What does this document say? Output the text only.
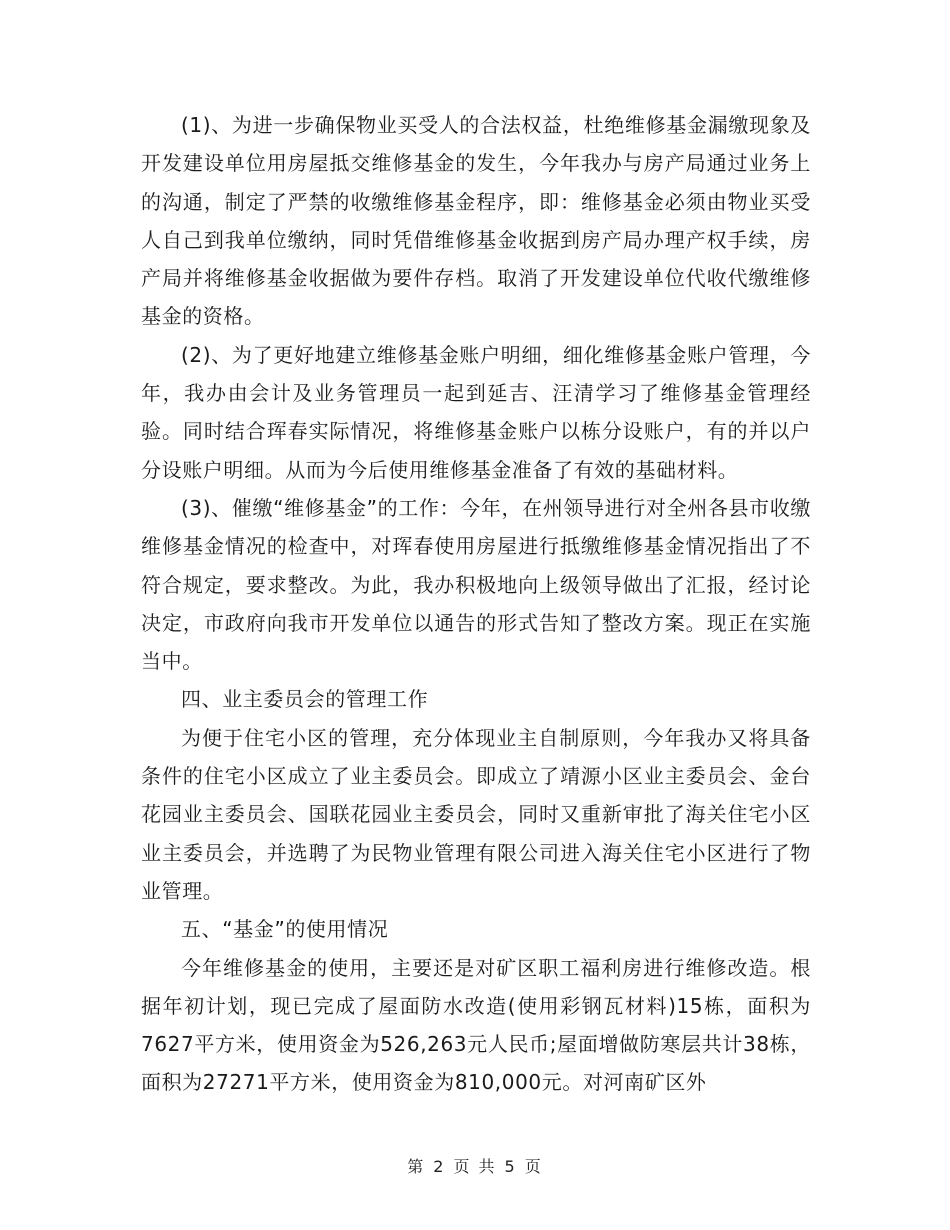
(1)、为进一步确保物业买受人的合法权益，杜绝维修基金漏缴现象及开发建设单位用房屋抵交维修基金的发生，今年我办与房产局通过业务上的沟通，制定了严禁的收缴维修基金程序，即：维修基金必须由物业买受人自己到我单位缴纳，同时凭借维修基金收据到房产局办理产权手续，房产局并将维修基金收据做为要件存档。取消了开发建设单位代收代缴维修基金的资格。

(2)、为了更好地建立维修基金账户明细，细化维修基金账户管理，今年，我办由会计及业务管理员一起到延吉、汪清学习了维修基金管理经验。同时结合珲春实际情况，将维修基金账户以栋分设账户，有的并以户分设账户明细。从而为今后使用维修基金准备了有效的基础材料。

(3)、催缴“维修基金”的工作：今年，在州领导进行对全州各县市收缴维修基金情况的检查中，对珲春使用房屋进行抵缴维修基金情况指出了不符合规定，要求整改。为此，我办积极地向上级领导做出了汇报，经讨论决定，市政府向我市开发单位以通告的形式告知了整改方案。现正在实施当中。

四、业主委员会的管理工作

为便于住宅小区的管理，充分体现业主自制原则，今年我办又将具备条件的住宅小区成立了业主委员会。即成立了靖源小区业主委员会、金台花园业主委员会、国联花园业主委员会，同时又重新审批了海关住宅小区业主委员会，并选聘了为民物业管理有限公司进入海关住宅小区进行了物业管理。

五、“基金”的使用情况

今年维修基金的使用，主要还是对矿区职工福利房进行维修改造。根据年初计划，现已完成了屋面防水改造(使用彩钢瓦材料)15栋，面积为7627平方米，使用资金为526,263元人民币;屋面增做防寒层共计38栋，面积为27271平方米，使用资金为810,000元。对河南矿区外

第 2 页 共 5 页
